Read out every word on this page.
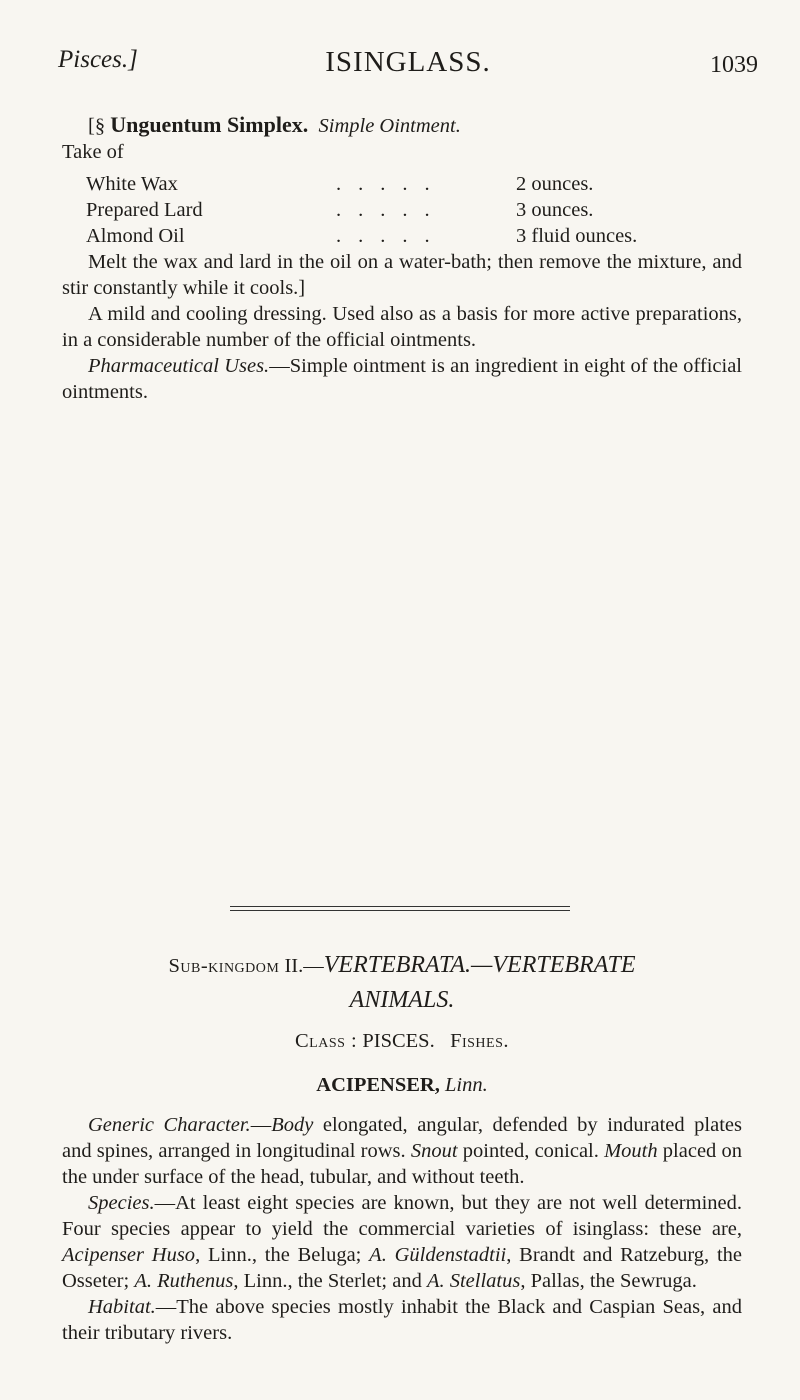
Pisces.]	ISINGLASS.	1039

[§ Unguentum Simplex. Simple Ointment.

Take of

White Wax	.....	2 ounces.
Prepared Lard	.....	3 ounces.
Almond Oil	.....	3 fluid ounces.

Melt the wax and lard in the oil on a water-bath; then remove the mixture, and stir constantly while it cools.]

A mild and cooling dressing. Used also as a basis for more active preparations, in a considerable number of the official ointments.

Pharmaceutical Uses.—Simple ointment is an ingredient in eight of the official ointments.

Sub-kingdom II.—VERTEBRATA.—VERTEBRATE

ANIMALS.

Class : PISCES. Fishes.

ACIPENSER, Linn.

Generic Character.—Body elongated, angular, defended by indurated plates and spines, arranged in longitudinal rows. Snout pointed, conical. Mouth placed on the under surface of the head, tubular, and without teeth.

Species.—At least eight species are known, but they are not well determined. Four species appear to yield the commercial varieties of isinglass: these are, Acipenser Huso, Linn., the Beluga; A. Güldenstadtii, Brandt and Ratzeburg, the Osseter; A. Ruthenus, Linn., the Sterlet; and A. Stellatus, Pallas, the Sewruga.

Habitat.—The above species mostly inhabit the Black and Caspian Seas, and their tributary rivers.
